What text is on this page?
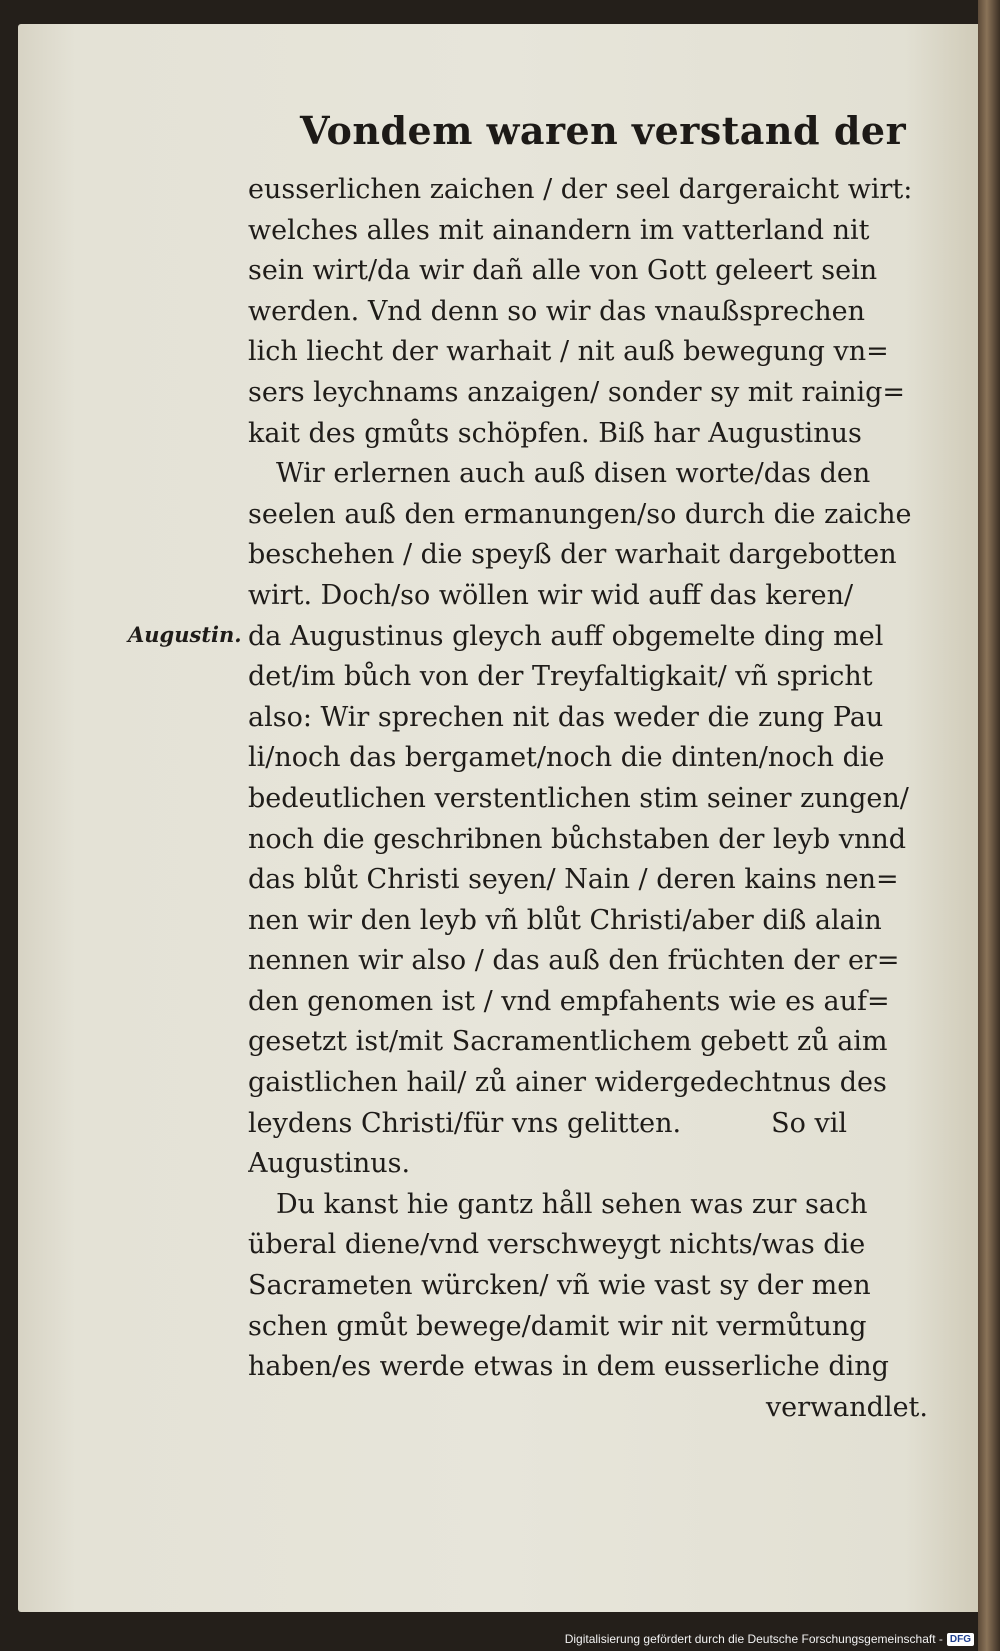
Vondem waren verstand der
Augustin.
eusserlichen zaichen / der seel dargeraicht wirt:
welches alles mit ainandern im vatterland nit
sein wirt/da wir dañ alle von Gott geleert sein
werden. Vnd denn so wir das vnaußsprechen
lich liecht der warhait / nit auß bewegung vn=
sers leychnams anzaigen/ sonder sy mit rainig=
kait des gmůts schöpfen. Biß har Augustinus
Wir erlernen auch auß disen worte/das den
seelen auß den ermanungen/so durch die zaiche
beschehen / die speyß der warhait dargebotten
wirt. Doch/so wöllen wir wid auff das keren/
da Augustinus gleych auff obgemelte ding mel
det/im bůch von der Treyfaltigkait/ vñ spricht
also: Wir sprechen nit das weder die zung Pau
li/noch das bergamet/noch die dinten/noch die
bedeutlichen verstentlichen stim seiner zungen/
noch die geschribnen bůchstaben der leyb vnnd
das blůt Christi seyen/ Nain / deren kains nen=
nen wir den leyb vñ blůt Christi/aber diß alain
nennen wir also / das auß den früchten der er=
den genomen ist / vnd empfahents wie es auf=
gesetzt ist/mit Sacramentlichem gebett zů aim
gaistlichen hail/ zů ainer widergedechtnus des
leydens Christi/für vns gelitten.	So vil
Augustinus.
Du kanst hie gantz håll sehen was zur sach
überal diene/vnd verschweygt nichts/was die
Sacrameten würcken/ vñ wie vast sy der men
schen gmůt bewege/damit wir nit vermůtung
haben/es werde etwas in dem eusserliche ding
verwandlet.
Digitalisierung gefördert durch die Deutsche Forschungsgemeinschaft - DFG
